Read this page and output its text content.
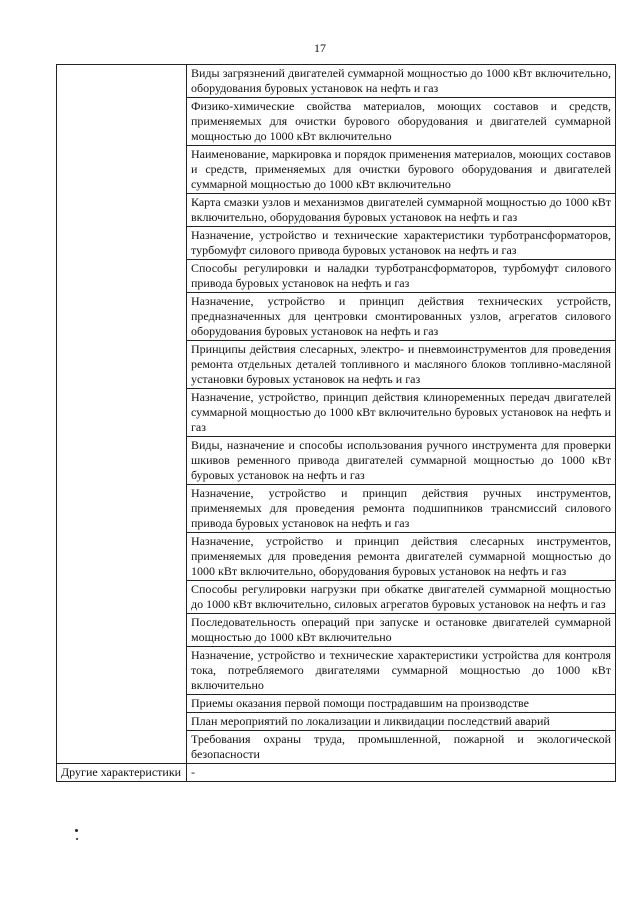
17
	Виды загрязнений двигателей суммарной мощностью до 1000 кВт включительно, оборудования буровых установок на нефть и газ
	Физико-химические свойства материалов, моющих составов и средств, применяемых для очистки бурового оборудования и двигателей суммарной мощностью до 1000 кВт включительно
	Наименование, маркировка и порядок применения материалов, моющих составов и средств, применяемых для очистки бурового оборудования и двигателей суммарной мощностью до 1000 кВт включительно
	Карта смазки узлов и механизмов двигателей суммарной мощностью до 1000 кВт включительно, оборудования буровых установок на нефть и газ
	Назначение, устройство и технические характеристики турботрансформаторов, турбомуфт силового привода буровых установок на нефть и газ
	Способы регулировки и наладки турботрансформаторов, турбомуфт силового привода буровых установок на нефть и газ
	Назначение, устройство и принцип действия технических устройств, предназначенных для центровки смонтированных узлов, агрегатов силового оборудования буровых установок на нефть и газ
	Принципы действия слесарных, электро- и пневмоинструментов для проведения ремонта отдельных деталей топливного и масляного блоков топливно-масляной установки буровых установок на нефть и газ
	Назначение, устройство, принцип действия клиноременных передач двигателей суммарной мощностью до 1000 кВт включительно буровых установок на нефть и газ
	Виды, назначение и способы использования ручного инструмента для проверки шкивов ременного привода двигателей суммарной мощностью до 1000 кВт буровых установок на нефть и газ
	Назначение, устройство и принцип действия ручных инструментов, применяемых для проведения ремонта подшипников трансмиссий силового привода буровых установок на нефть и газ
	Назначение, устройство и принцип действия слесарных инструментов, применяемых для проведения ремонта двигателей суммарной мощностью до 1000 кВт включительно, оборудования буровых установок на нефть и газ
	Способы регулировки нагрузки при обкатке двигателей суммарной мощностью до 1000 кВт включительно, силовых агрегатов буровых установок на нефть и газ
	Последовательность операций при запуске и остановке двигателей суммарной мощностью до 1000 кВт включительно
	Назначение, устройство и технические характеристики устройства для контроля тока, потребляемого двигателями суммарной мощностью до 1000 кВт включительно
	Приемы оказания первой помощи пострадавшим на производстве
	План мероприятий по локализации и ликвидации последствий аварий
	Требования охраны труда, промышленной, пожарной и экологической безопасности
Другие характеристики	-
